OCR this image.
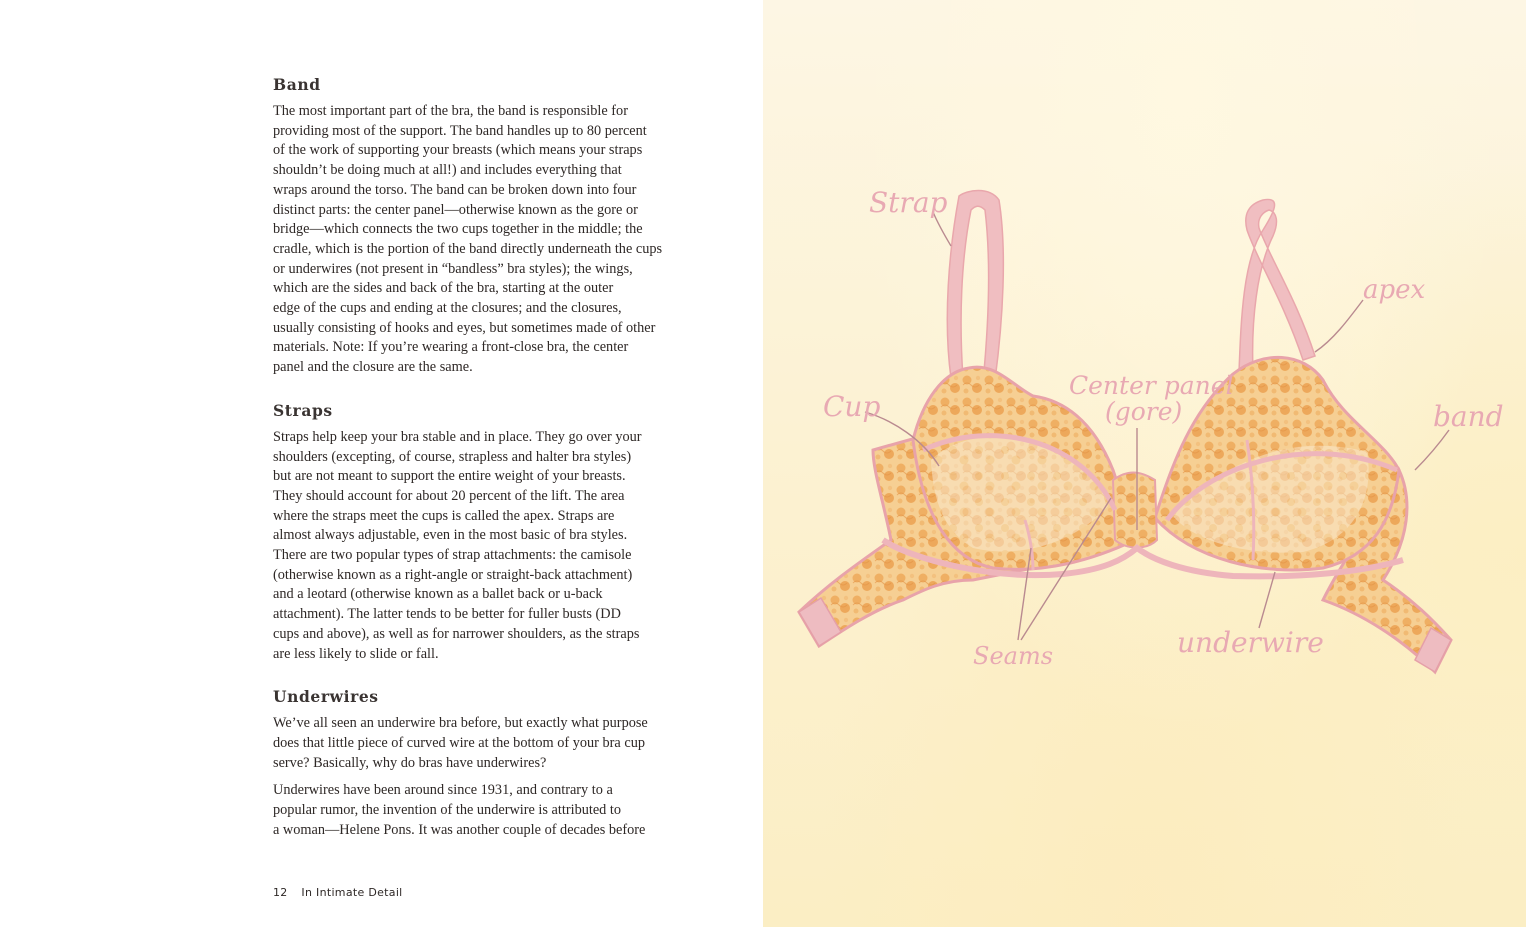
Band

The most important part of the bra, the band is responsible for
providing most of the support. The band handles up to 80 percent
of the work of supporting your breasts (which means your straps
shouldn’t be doing much at all!) and includes everything that
wraps around the torso. The band can be broken down into four
distinct parts: the center panel—otherwise known as the gore or
bridge—which connects the two cups together in the middle; the
cradle, which is the portion of the band directly underneath the cups
or underwires (not present in “bandless” bra styles); the wings,
which are the sides and back of the bra, starting at the outer
edge of the cups and ending at the closures; and the closures,
usually consisting of hooks and eyes, but sometimes made of other
materials. Note: If you’re wearing a front-close bra, the center
panel and the closure are the same.

Straps

Straps help keep your bra stable and in place. They go over your
shoulders (excepting, of course, strapless and halter bra styles)
but are not meant to support the entire weight of your breasts.
They should account for about 20 percent of the lift. The area
where the straps meet the cups is called the apex. Straps are
almost always adjustable, even in the most basic of bra styles.
There are two popular types of strap attachments: the camisole
(otherwise known as a right-angle or straight-back attachment)
and a leotard (otherwise known as a ballet back or u-back
attachment). The latter tends to be better for fuller busts (DD
cups and above), as well as for narrower shoulders, as the straps
are less likely to slide or fall.

Underwires

We’ve all seen an underwire bra before, but exactly what purpose
does that little piece of curved wire at the bottom of your bra cup
serve? Basically, why do bras have underwires?

Underwires have been around since 1931, and contrary to a
popular rumor, the invention of the underwire is attributed to
a woman—Helene Pons. It was another couple of decades before

12 In Intimate Detail
Strap
Cup
Center panel
(gore)
apex
band
Seams	underwire
